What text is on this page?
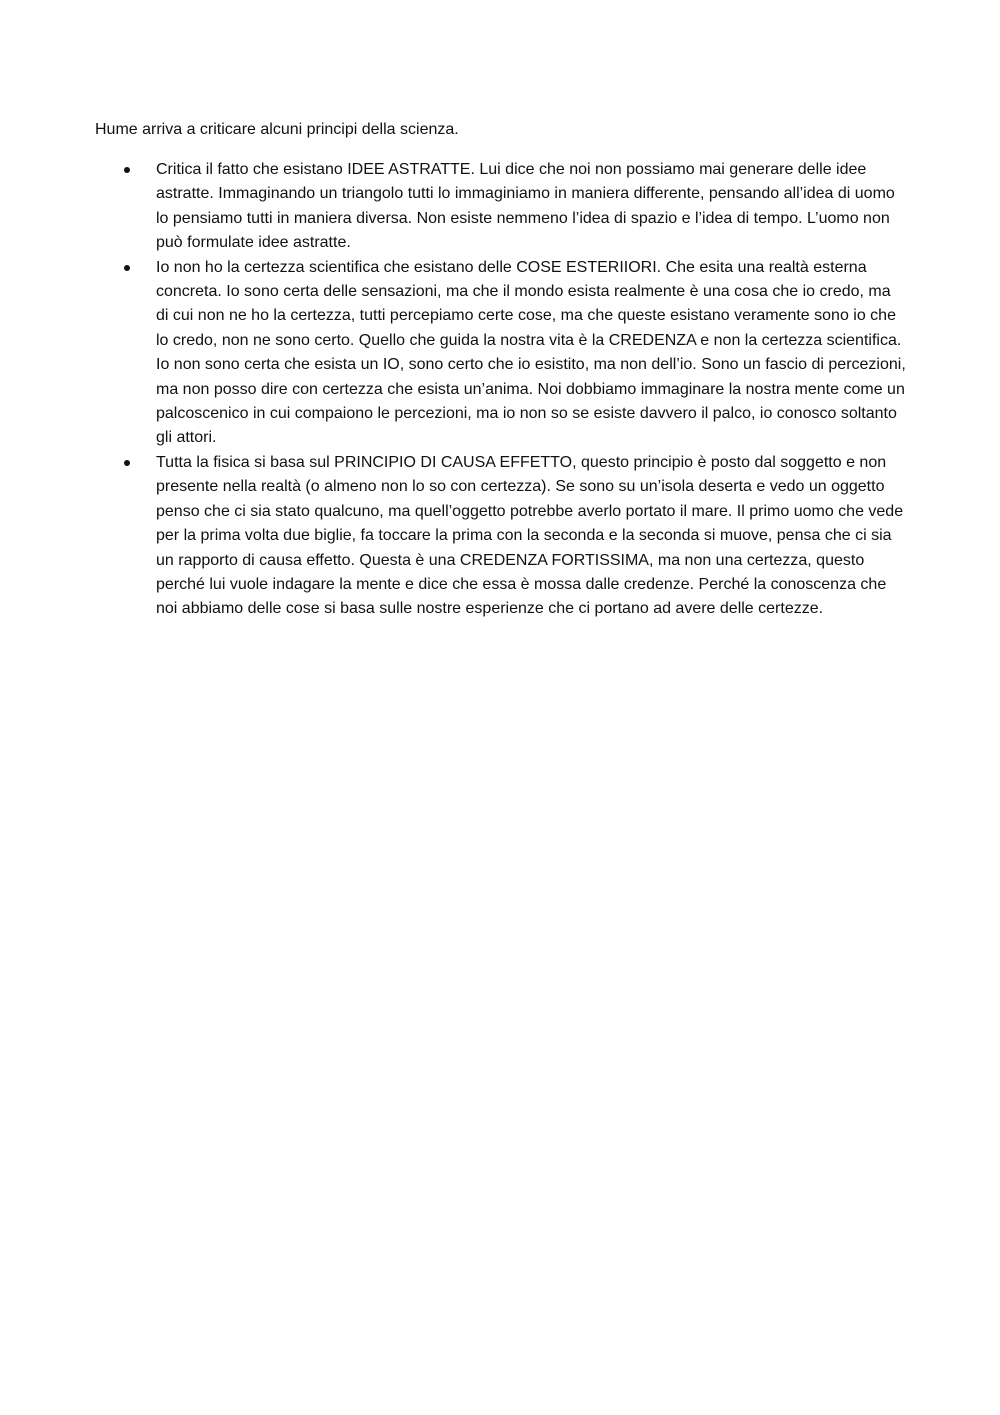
Hume arriva a criticare alcuni principi della scienza.

Critica il fatto che esistano IDEE ASTRATTE. Lui dice che noi non possiamo mai generare delle idee astratte. Immaginando un triangolo tutti lo immaginiamo in maniera differente, pensando all’idea di uomo lo pensiamo tutti in maniera diversa. Non esiste nemmeno l’idea di spazio e l’idea di tempo. L’uomo non può formulate idee astratte.

Io non ho la certezza scientifica che esistano delle COSE ESTERIIORI. Che esita una realtà esterna concreta. Io sono certa delle sensazioni, ma che il mondo esista realmente è una cosa che io credo, ma di cui non ne ho la certezza, tutti percepiamo certe cose, ma che queste esistano veramente sono io che lo credo, non ne sono certo. Quello che guida la nostra vita è la CREDENZA e non la certezza scientifica.

Io non sono certa che esista un IO, sono certo che io esistito, ma non dell’io. Sono un fascio di percezioni, ma non posso dire con certezza che esista un’anima. Noi dobbiamo immaginare la nostra mente come un palcoscenico in cui compaiono le percezioni, ma io non so se esiste davvero il palco, io conosco soltanto gli attori.

Tutta la fisica si basa sul PRINCIPIO DI CAUSA EFFETTO, questo principio è posto dal soggetto e non presente nella realtà (o almeno non lo so con certezza). Se sono su un’isola deserta e vedo un oggetto penso che ci sia stato qualcuno, ma quell’oggetto potrebbe averlo portato il mare. Il primo uomo che vede per la prima volta due biglie, fa toccare la prima con la seconda e la seconda si muove, pensa che ci sia un rapporto di causa effetto. Questa è una CREDENZA FORTISSIMA, ma non una certezza, questo perché lui vuole indagare la mente e dice che essa è mossa dalle credenze. Perché la conoscenza che noi abbiamo delle cose si basa sulle nostre esperienze che ci portano ad avere delle certezze.
